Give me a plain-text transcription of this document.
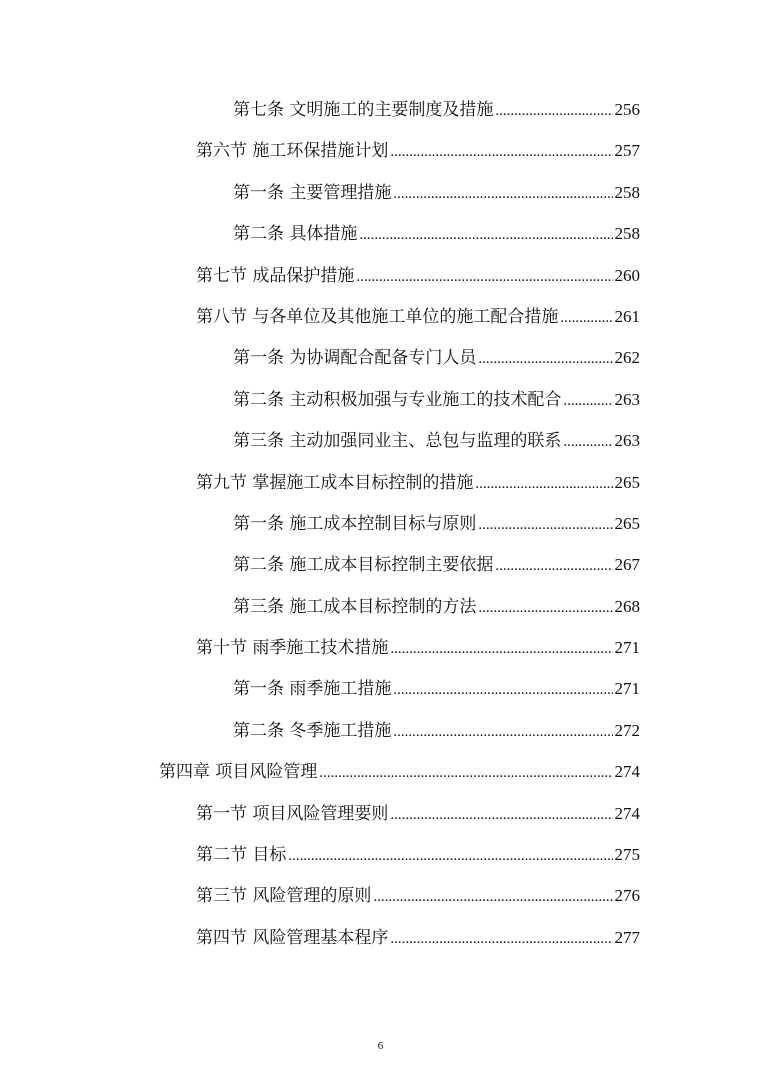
第七条 文明施工的主要制度及措施 .....	256
第六节 施工环保措施计划 .....	257
第一条 主要管理措施 .....	258
第二条 具体措施 .....	258
第七节 成品保护措施 .....	260
第八节 与各单位及其他施工单位的施工配合措施 .....	261
第一条 为协调配合配备专门人员 .....	262
第二条 主动积极加强与专业施工的技术配合 .....	263
第三条 主动加强同业主、总包与监理的联系 .....	263
第九节 掌握施工成本目标控制的措施 .....	265
第一条 施工成本控制目标与原则 .....	265
第二条 施工成本目标控制主要依据 .....	267
第三条 施工成本目标控制的方法 .....	268
第十节 雨季施工技术措施 .....	271
第一条 雨季施工措施 .....	271
第二条 冬季施工措施 .....	272
第四章 项目风险管理 .....	274
第一节 项目风险管理要则 .....	274
第二节 目标 .....	275
第三节 风险管理的原则 .....	276
第四节 风险管理基本程序 .....	277
6
